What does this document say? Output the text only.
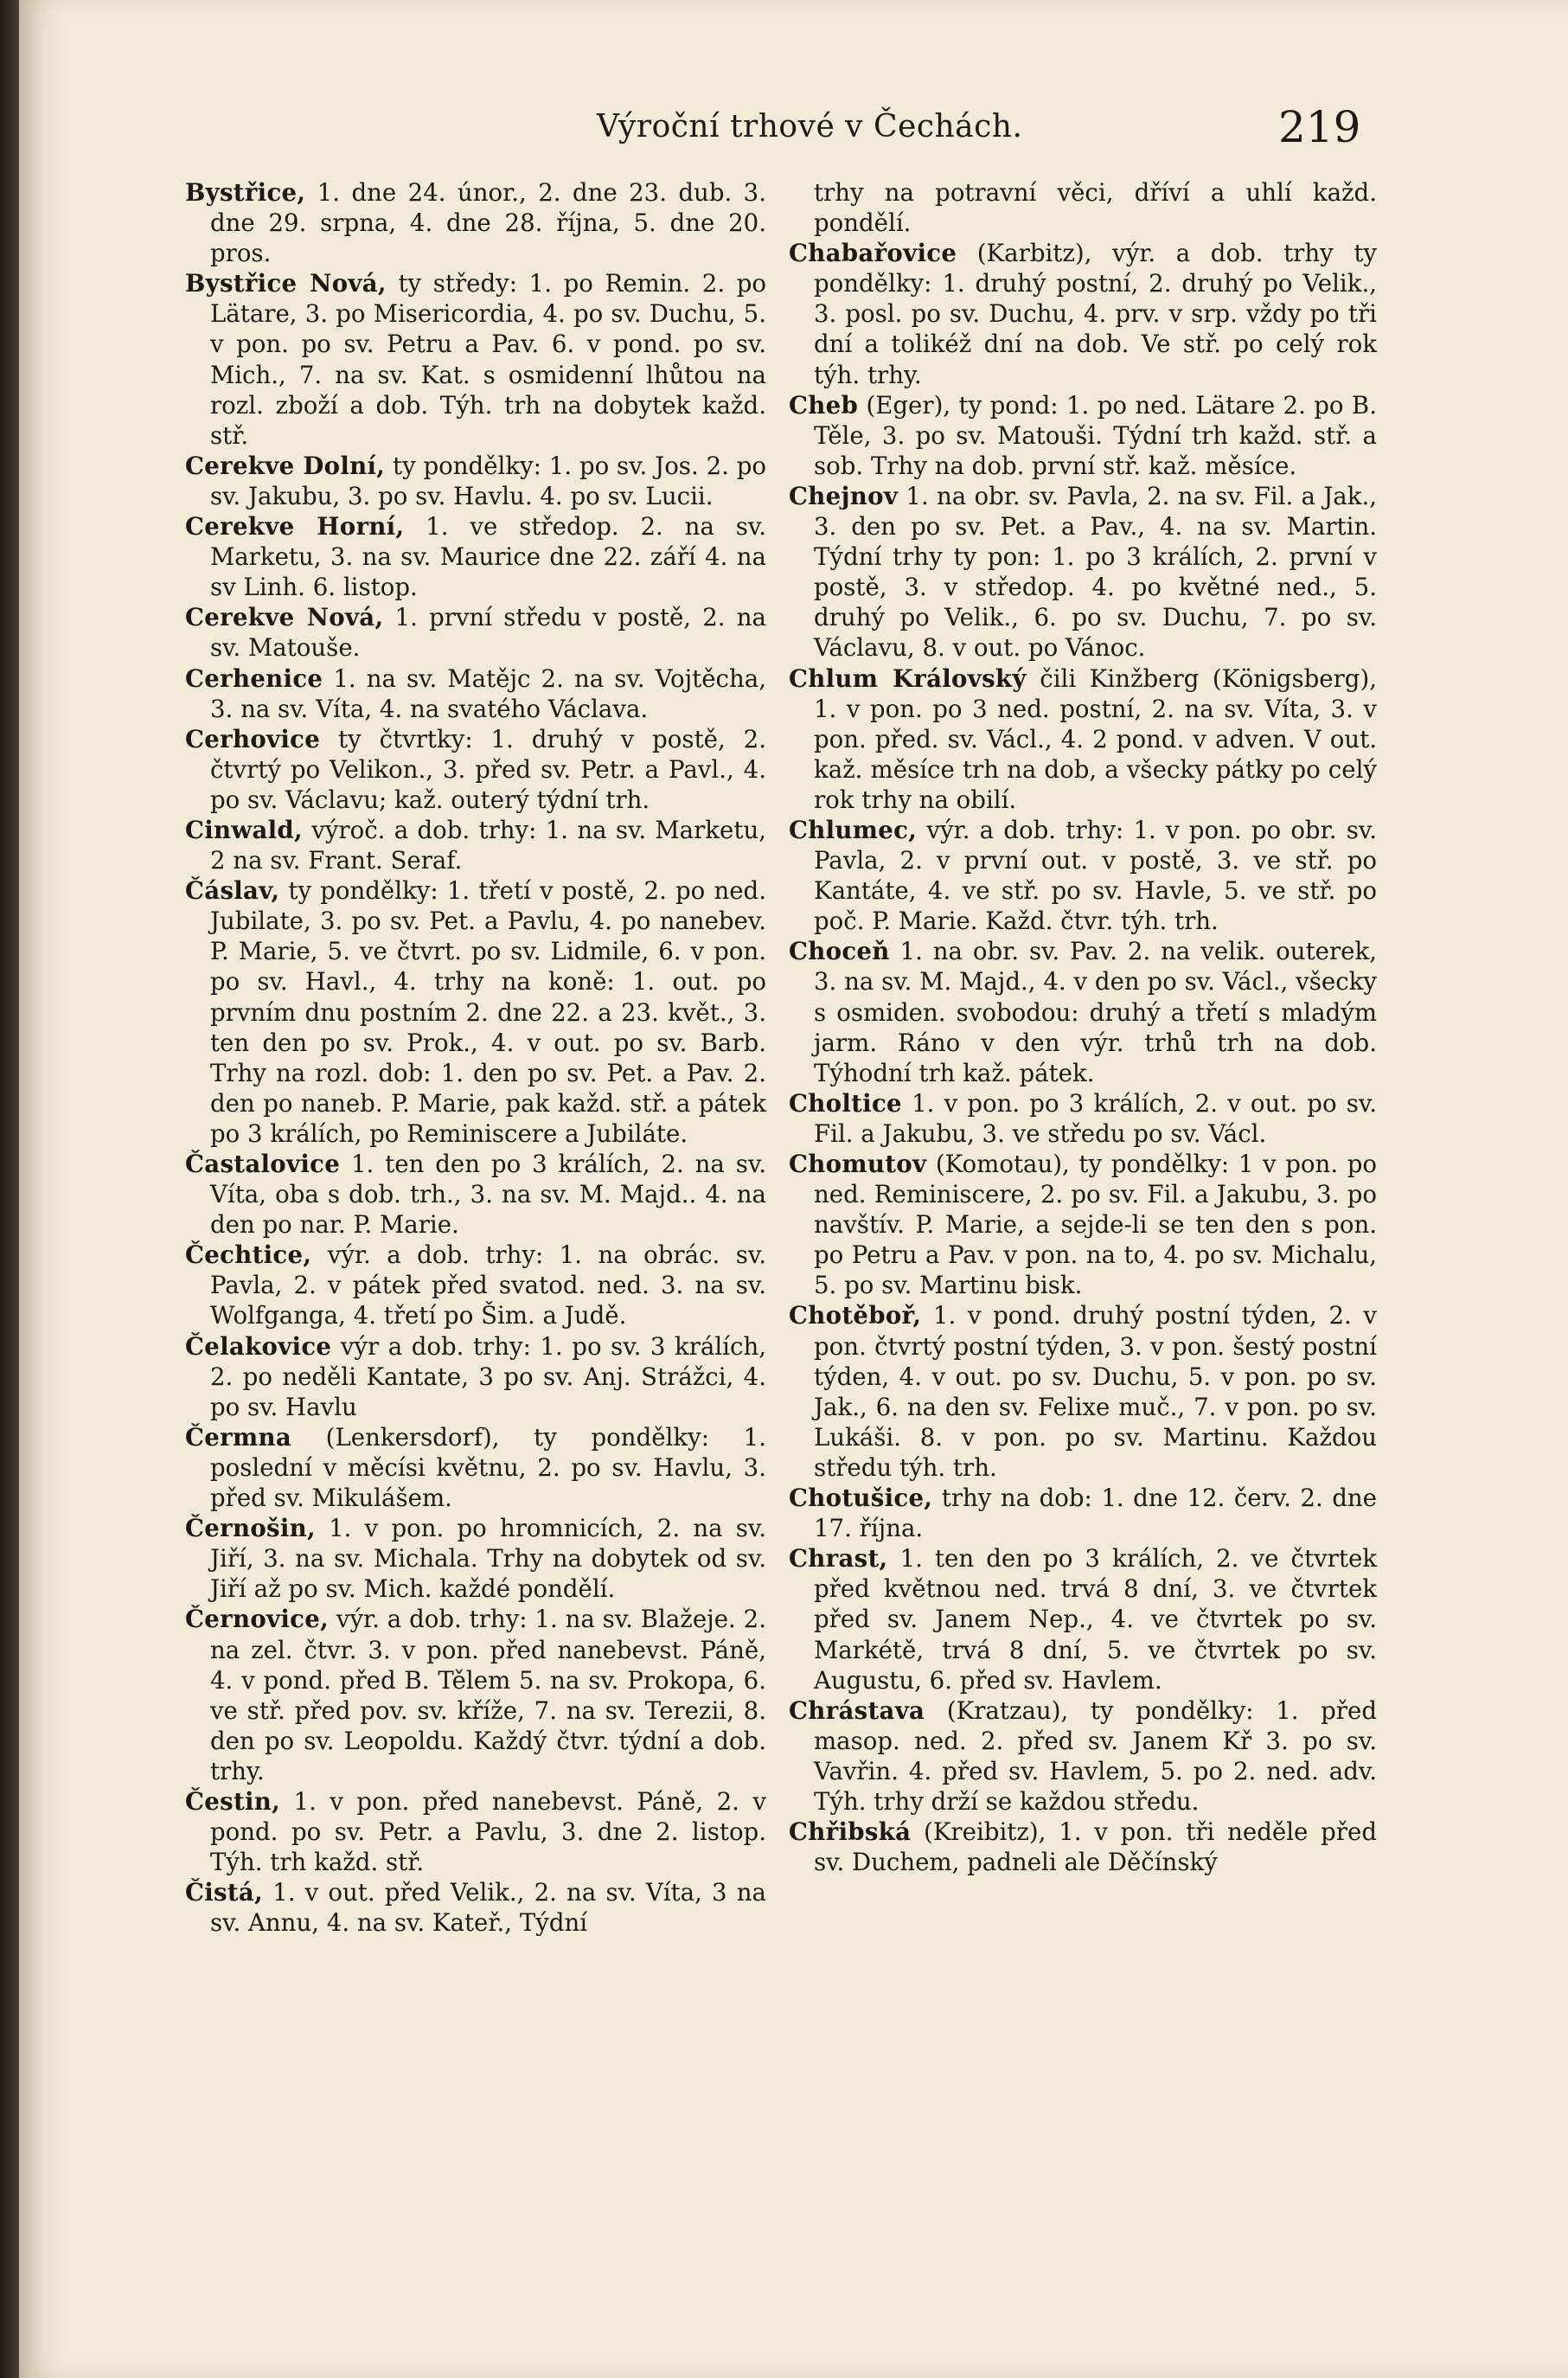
Výroční trhové v Čechách.	219

Bystřice, 1. dne 24. únor., 2. dne 23. dub. 3. dne 29. srpna, 4. dne 28. října, 5. dne 20. pros.

Bystřice Nová, ty středy: 1. po Remin. 2. po Lätare, 3. po Misericordia, 4. po sv. Duchu, 5. v pon. po sv. Petru a Pav. 6. v pond. po sv. Mich., 7. na sv. Kat. s osmidenní lhůtou na rozl. zboží a dob. Týh. trh na dobytek každ. stř.

Cerekve Dolní, ty pondělky: 1. po sv. Jos. 2. po sv. Jakubu, 3. po sv. Havlu. 4. po sv. Lucii.

Cerekve Horní, 1. ve středop. 2. na sv. Marketu, 3. na sv. Maurice dne 22. září 4. na sv Linh. 6. listop.

Cerekve Nová, 1. první středu v postě, 2. na sv. Matouše.

Cerhenice 1. na sv. Matějc 2. na sv. Vojtěcha, 3. na sv. Víta, 4. na svatého Václava.

Cerhovice ty čtvrtky: 1. druhý v postě, 2. čtvrtý po Velikon., 3. před sv. Petr. a Pavl., 4. po sv. Václavu; kaž. outerý týdní trh.

Cinwald, výroč. a dob. trhy: 1. na sv. Marketu, 2 na sv. Frant. Seraf.

Čáslav, ty pondělky: 1. třetí v postě, 2. po ned. Jubilate, 3. po sv. Pet. a Pavlu, 4. po nanebev. P. Marie, 5. ve čtvrt. po sv. Lidmile, 6. v pon. po sv. Havl., 4. trhy na koně: 1. out. po prvním dnu postním 2. dne 22. a 23. květ., 3. ten den po sv. Prok., 4. v out. po sv. Barb. Trhy na rozl. dob: 1. den po sv. Pet. a Pav. 2. den po naneb. P. Marie, pak každ. stř. a pátek po 3 králích, po Reminiscere a Jubiláte.

Častalovice 1. ten den po 3 králích, 2. na sv. Víta, oba s dob. trh., 3. na sv. M. Majd.. 4. na den po nar. P. Marie.

Čechtice, výr. a dob. trhy: 1. na obrác. sv. Pavla, 2. v pátek před svatod. ned. 3. na sv. Wolfganga, 4. třetí po Šim. a Judě.

Čelakovice výr a dob. trhy: 1. po sv. 3 králích, 2. po neděli Kantate, 3 po sv. Anj. Strážci, 4. po sv. Havlu

Čermna (Lenkersdorf), ty pondělky: 1. poslední v měcísi květnu, 2. po sv. Havlu, 3. před sv. Mikulášem.

Černošin, 1. v pon. po hromnicích, 2. na sv. Jiří, 3. na sv. Michala. Trhy na dobytek od sv. Jiří až po sv. Mich. každé pondělí.

Černovice, výr. a dob. trhy: 1. na sv. Blažeje. 2. na zel. čtvr. 3. v pon. před nanebevst. Páně, 4. v pond. před B. Tělem 5. na sv. Prokopa, 6. ve stř. před pov. sv. kříže, 7. na sv. Terezii, 8. den po sv. Leopoldu. Každý čtvr. týdní a dob. trhy.

Čestin, 1. v pon. před nanebevst. Páně, 2. v pond. po sv. Petr. a Pavlu, 3. dne 2. listop. Týh. trh každ. stř.

Čistá, 1. v out. před Velik., 2. na sv. Víta, 3 na sv. Annu, 4. na sv. Kateř., Týdní

trhy na potravní věci, dříví a uhlí každ. pondělí.

Chabařovice (Karbitz), výr. a dob. trhy ty pondělky: 1. druhý postní, 2. druhý po Velik., 3. posl. po sv. Duchu, 4. prv. v srp. vždy po tři dní a tolikéž dní na dob. Ve stř. po celý rok týh. trhy.

Cheb (Eger), ty pond: 1. po ned. Lätare 2. po B. Těle, 3. po sv. Matouši. Týdní trh každ. stř. a sob. Trhy na dob. první stř. kaž. měsíce.

Chejnov 1. na obr. sv. Pavla, 2. na sv. Fil. a Jak., 3. den po sv. Pet. a Pav., 4. na sv. Martin. Týdní trhy ty pon: 1. po 3 králích, 2. první v postě, 3. v středop. 4. po květné ned., 5. druhý po Velik., 6. po sv. Duchu, 7. po sv. Václavu, 8. v out. po Vánoc.

Chlum Královský čili Kinžberg (Königsberg), 1. v pon. po 3 ned. postní, 2. na sv. Víta, 3. v pon. před. sv. Václ., 4. 2 pond. v adven. V out. kaž. měsíce trh na dob, a všecky pátky po celý rok trhy na obilí.

Chlumec, výr. a dob. trhy: 1. v pon. po obr. sv. Pavla, 2. v první out. v postě, 3. ve stř. po Kantáte, 4. ve stř. po sv. Havle, 5. ve stř. po poč. P. Marie. Každ. čtvr. týh. trh.

Choceň 1. na obr. sv. Pav. 2. na velik. outerek, 3. na sv. M. Majd., 4. v den po sv. Václ., všecky s osmiden. svobodou: druhý a třetí s mladým jarm. Ráno v den výr. trhů trh na dob. Týhodní trh kaž. pátek.

Choltice 1. v pon. po 3 králích, 2. v out. po sv. Fil. a Jakubu, 3. ve středu po sv. Václ.

Chomutov (Komotau), ty pondělky: 1 v pon. po ned. Reminiscere, 2. po sv. Fil. a Jakubu, 3. po navštív. P. Marie, a sejde-li se ten den s pon. po Petru a Pav. v pon. na to, 4. po sv. Michalu, 5. po sv. Martinu bisk.

Chotěboř, 1. v pond. druhý postní týden, 2. v pon. čtvrtý postní týden, 3. v pon. šestý postní týden, 4. v out. po sv. Duchu, 5. v pon. po sv. Jak., 6. na den sv. Felixe muč., 7. v pon. po sv. Lukáši. 8. v pon. po sv. Martinu. Každou středu týh. trh.

Chotušice, trhy na dob: 1. dne 12. červ. 2. dne 17. října.

Chrast, 1. ten den po 3 králích, 2. ve čtvrtek před květnou ned. trvá 8 dní, 3. ve čtvrtek před sv. Janem Nep., 4. ve čtvrtek po sv. Markétě, trvá 8 dní, 5. ve čtvrtek po sv. Augustu, 6. před sv. Havlem.

Chrástava (Kratzau), ty pondělky: 1. před masop. ned. 2. před sv. Janem Kř 3. po sv. Vavřin. 4. před sv. Havlem, 5. po 2. ned. adv. Týh. trhy drží se každou středu.

Chřibská (Kreibitz), 1. v pon. tři neděle před sv. Duchem, padneli ale Děčínský
